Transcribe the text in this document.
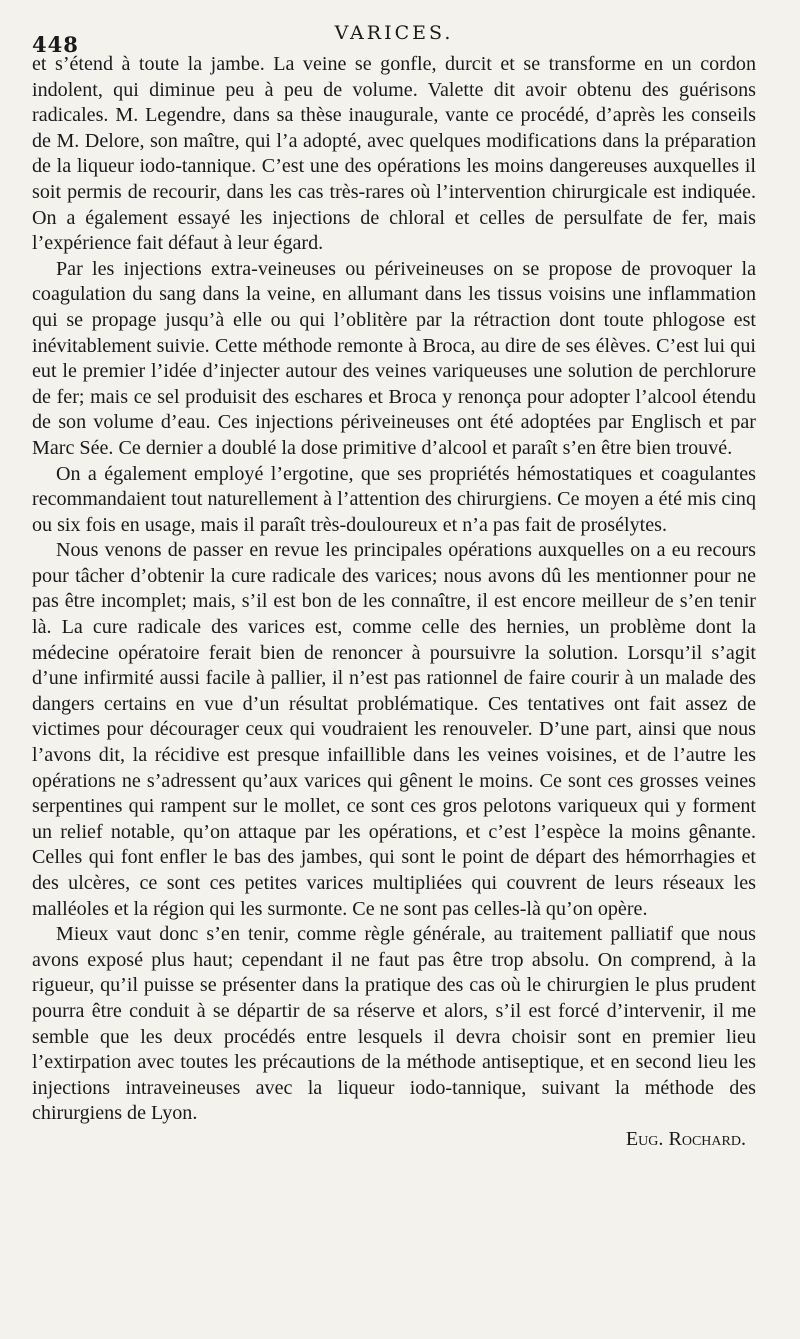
448	VARICES.

et s’étend à toute la jambe. La veine se gonfle, durcit et se transforme en un cordon indolent, qui diminue peu à peu de volume. Valette dit avoir obtenu des guérisons radicales. M. Legendre, dans sa thèse inaugurale, vante ce procédé, d’après les conseils de M. Delore, son maître, qui l’a adopté, avec quelques modifications dans la préparation de la liqueur iodo-tannique. C’est une des opérations les moins dangereuses auxquelles il soit permis de recourir, dans les cas très-rares où l’intervention chirurgicale est indiquée. On a également essayé les injections de chloral et celles de persulfate de fer, mais l’expérience fait défaut à leur égard.

Par les injections extra-veineuses ou périveineuses on se propose de provoquer la coagulation du sang dans la veine, en allumant dans les tissus voisins une inflammation qui se propage jusqu’à elle ou qui l’oblitère par la rétraction dont toute phlogose est inévitablement suivie. Cette méthode remonte à Broca, au dire de ses élèves. C’est lui qui eut le premier l’idée d’injecter autour des veines variqueuses une solution de perchlorure de fer; mais ce sel produisit des eschares et Broca y renonça pour adopter l’alcool étendu de son volume d’eau. Ces injections périveineuses ont été adoptées par Englisch et par Marc Sée. Ce dernier a doublé la dose primitive d’alcool et paraît s’en être bien trouvé.

On a également employé l’ergotine, que ses propriétés hémostatiques et coagulantes recommandaient tout naturellement à l’attention des chirurgiens. Ce moyen a été mis cinq ou six fois en usage, mais il paraît très-douloureux et n’a pas fait de prosélytes.

Nous venons de passer en revue les principales opérations auxquelles on a eu recours pour tâcher d’obtenir la cure radicale des varices; nous avons dû les mentionner pour ne pas être incomplet; mais, s’il est bon de les connaître, il est encore meilleur de s’en tenir là. La cure radicale des varices est, comme celle des hernies, un problème dont la médecine opératoire ferait bien de renoncer à poursuivre la solution. Lorsqu’il s’agit d’une infirmité aussi facile à pallier, il n’est pas rationnel de faire courir à un malade des dangers certains en vue d’un résultat problématique. Ces tentatives ont fait assez de victimes pour décourager ceux qui voudraient les renouveler. D’une part, ainsi que nous l’avons dit, la récidive est presque infaillible dans les veines voisines, et de l’autre les opérations ne s’adressent qu’aux varices qui gênent le moins. Ce sont ces grosses veines serpentines qui rampent sur le mollet, ce sont ces gros pelotons variqueux qui y forment un relief notable, qu’on attaque par les opérations, et c’est l’espèce la moins gênante. Celles qui font enfler le bas des jambes, qui sont le point de départ des hémorrhagies et des ulcères, ce sont ces petites varices multipliées qui couvrent de leurs réseaux les malléoles et la région qui les surmonte. Ce ne sont pas celles-là qu’on opère.

Mieux vaut donc s’en tenir, comme règle générale, au traitement palliatif que nous avons exposé plus haut; cependant il ne faut pas être trop absolu. On comprend, à la rigueur, qu’il puisse se présenter dans la pratique des cas où le chirurgien le plus prudent pourra être conduit à se départir de sa réserve et alors, s’il est forcé d’intervenir, il me semble que les deux procédés entre lesquels il devra choisir sont en premier lieu l’extirpation avec toutes les précautions de la méthode antiseptique, et en second lieu les injections intraveineuses avec la liqueur iodo-tannique, suivant la méthode des chirurgiens de Lyon.

Eug. Rochard.
